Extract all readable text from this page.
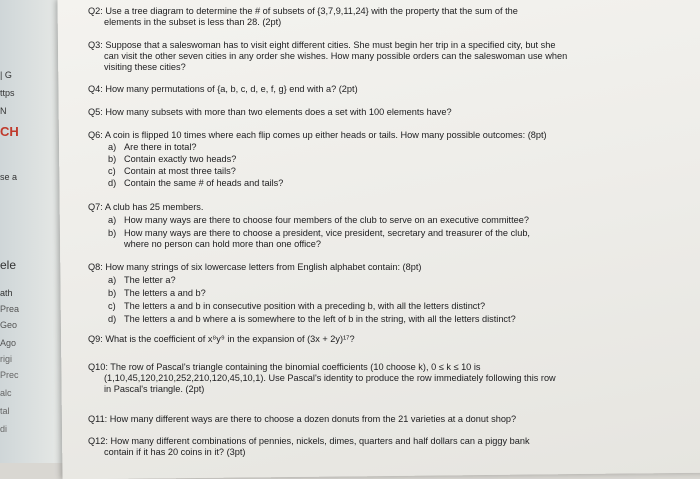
| G
ttps
N
CH
se a
ele
ath
Prea
Geo
Ago
rigi
Prec
alc
tal
di
Q2: Use a tree diagram to determine the # of subsets of {3,7,9,11,24} with the property that the sum of the

elements in the subset is less than 28. (2pt)
Q3: Suppose that a saleswoman has to visit eight different cities. She must begin her trip in a specified city, but she

can visit the other seven cities in any order she wishes. How many possible orders can the saleswoman use when
visiting these cities?
Q4: How many permutations of {a, b, c, d, e, f, g} end with a? (2pt)
Q5: How many subsets with more than two elements does a set with 100 elements have?
Q6: A coin is flipped 10 times where each flip comes up either heads or tails. How many possible outcomes: (8pt)
a) Are there in total?
b) Contain exactly two heads?
c) Contain at most three tails?
d) Contain the same # of heads and tails?
Q7: A club has 25 members.
a) How many ways are there to choose four members of the club to serve on an executive committee?
b) How many ways are there to choose a president, vice president, secretary and treasurer of the club,

where no person can hold more than one office?
Q8: How many strings of six lowercase letters from English alphabet contain: (8pt)
a) The letter a?
b) The letters a and b?
c) The letters a and b in consecutive position with a preceding b, with all the letters distinct?
d) The letters a and b where a is somewhere to the left of b in the string, with all the letters distinct?
Q9: What is the coefficient of x⁸y⁹ in the expansion of (3x + 2y)¹⁷?
Q10: The row of Pascal's triangle containing the binomial coefficients (10 choose k), 0 ≤ k ≤ 10 is

(1,10,45,120,210,252,210,120,45,10,1). Use Pascal's identity to produce the row immediately following this row
in Pascal's triangle. (2pt)
Q11: How many different ways are there to choose a dozen donuts from the 21 varieties at a donut shop?
Q12: How many different combinations of pennies, nickels, dimes, quarters and half dollars can a piggy bank

contain if it has 20 coins in it? (3pt)
